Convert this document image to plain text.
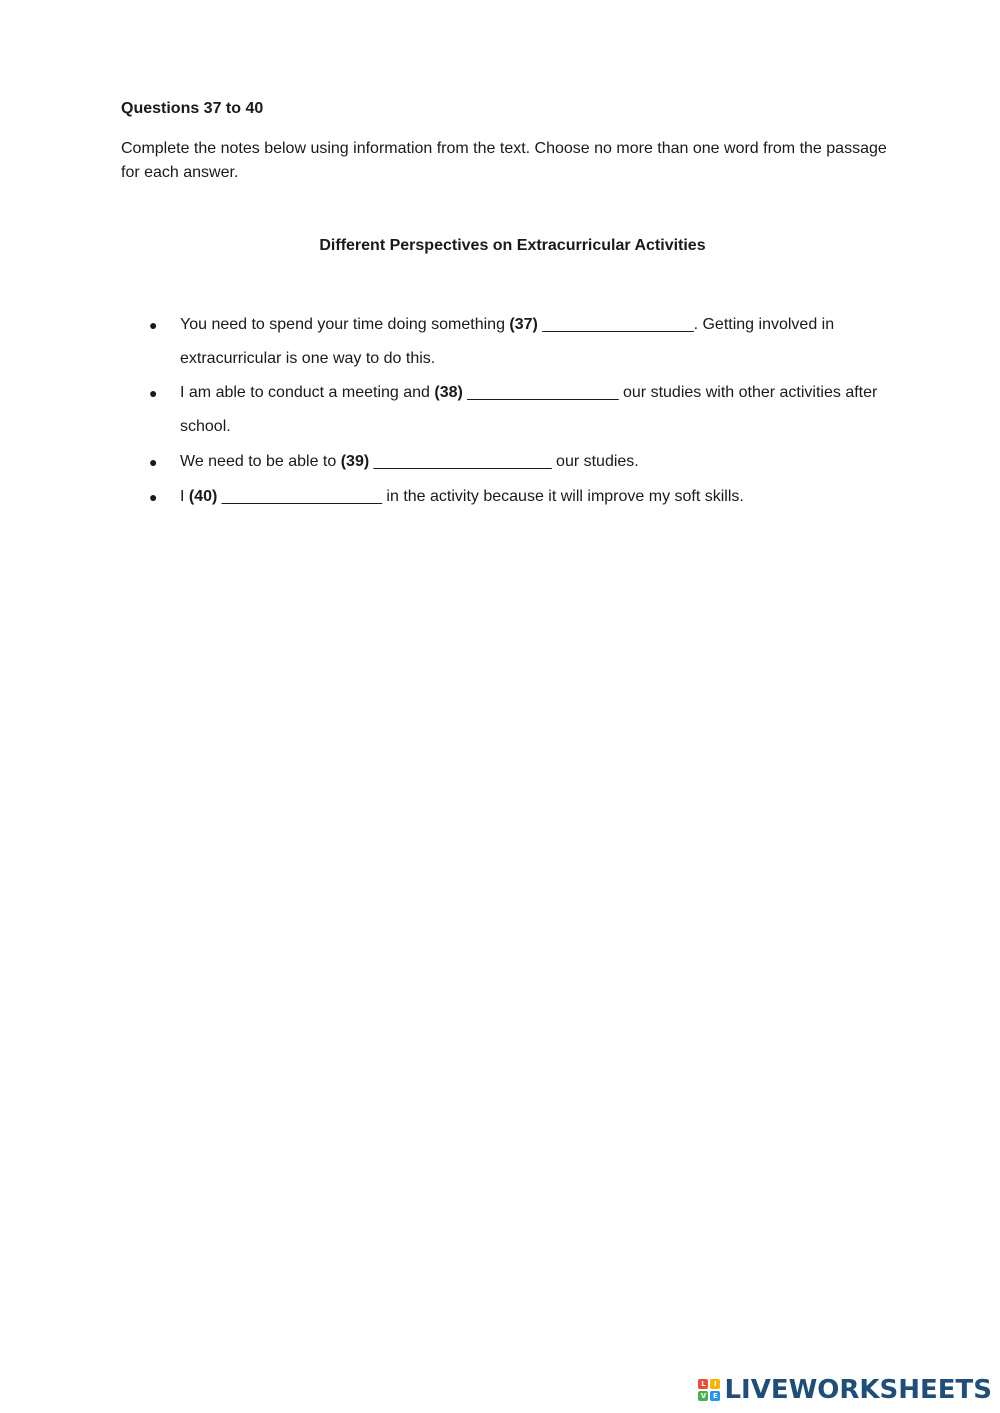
Questions 37 to 40
Complete the notes below using information from the text. Choose no more than one word from the passage for each answer.
Different Perspectives on Extracurricular Activities
● You need to spend your time doing something (37) _________________. Getting involved in extracurricular is one way to do this.
● I am able to conduct a meeting and (38) _________________ our studies with other activities after school.
● We need to be able to (39) ____________________ our studies.
● I (40) __________________ in the activity because it will improve my soft skills.
L	I
V E LIVEWORKSHEETS
